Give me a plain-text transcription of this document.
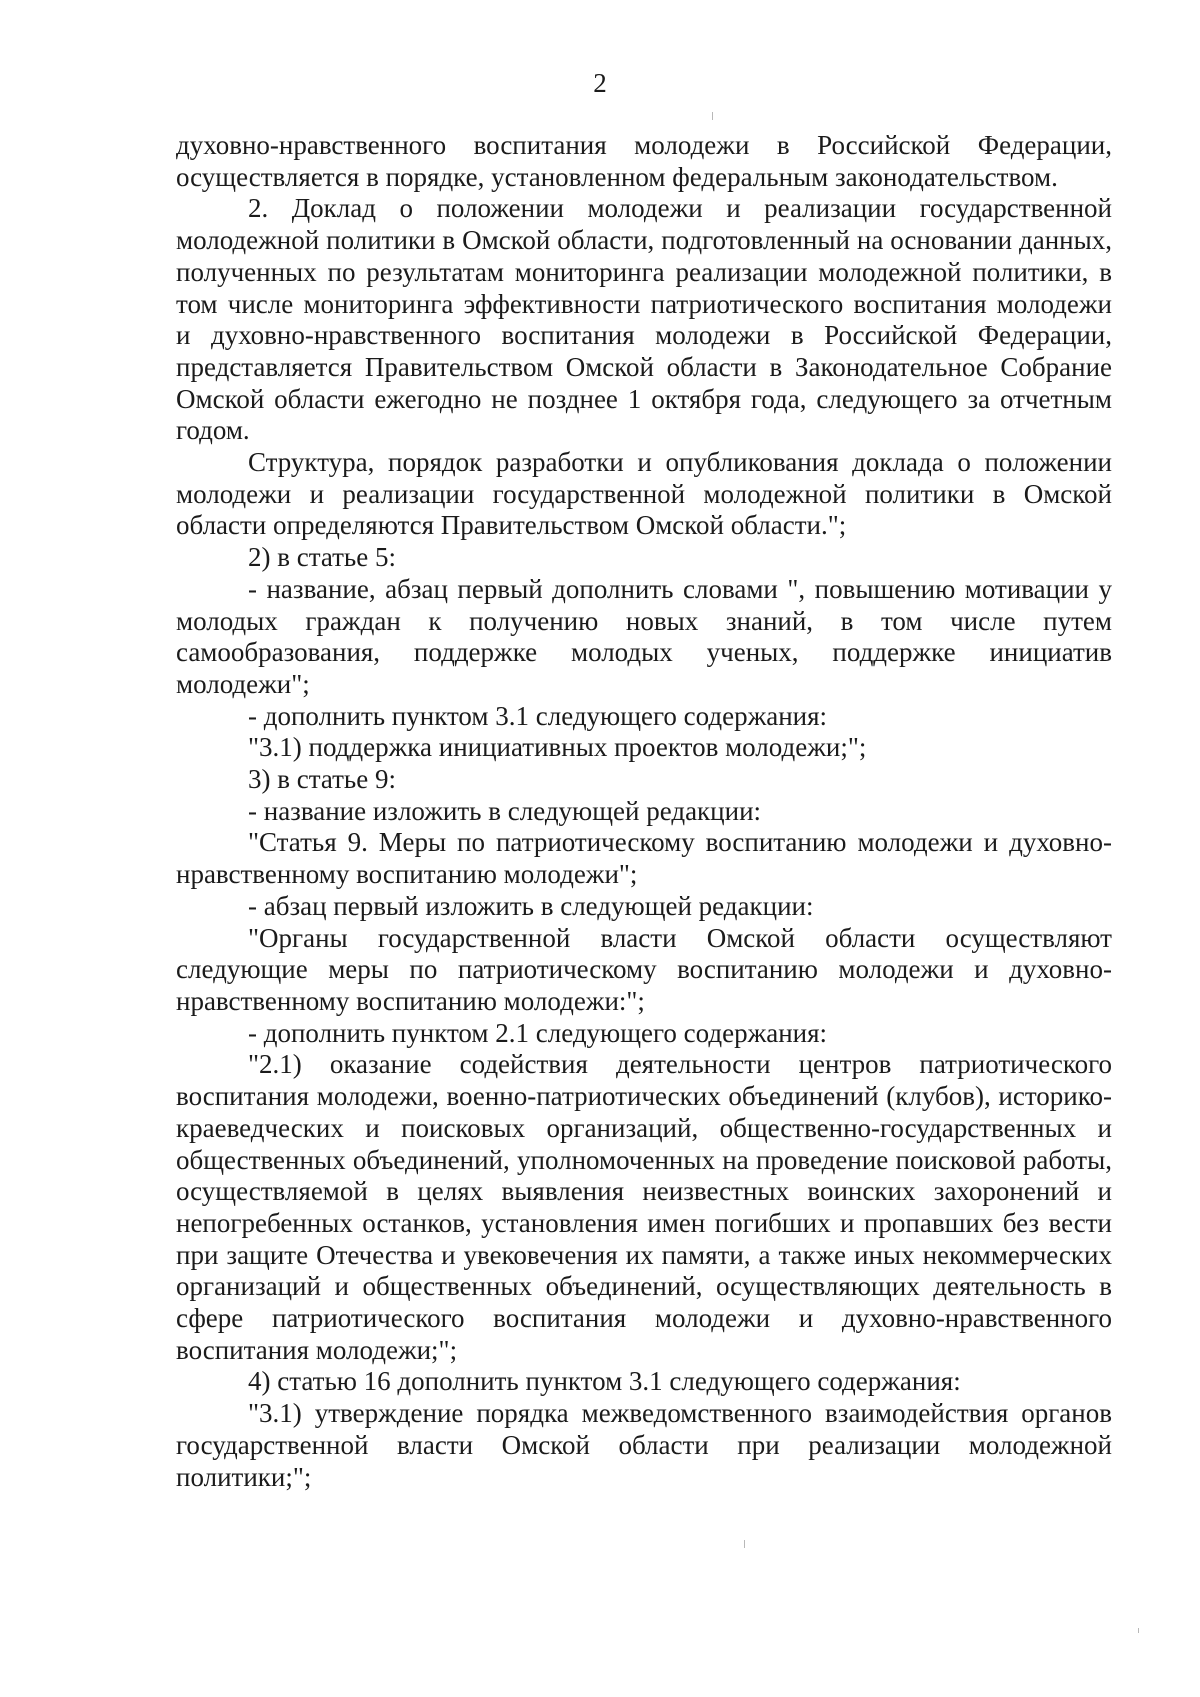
2

духовно-нравственного воспитания молодежи в Российской Федерации, осуществляется в порядке, установленном федеральным законодательством.

2. Доклад о положении молодежи и реализации государственной молодежной политики в Омской области, подготовленный на основании данных, полученных по результатам мониторинга реализации молодежной политики, в том числе мониторинга эффективности патриотического воспитания молодежи и духовно-нравственного воспитания молодежи в Российской Федерации, представляется Правительством Омской области в Законодательное Собрание Омской области ежегодно не позднее 1 октября года, следующего за отчетным годом.

Структура, порядок разработки и опубликования доклада о положении молодежи и реализации государственной молодежной политики в Омской области определяются Правительством Омской области.";

2) в статье 5:

- название, абзац первый дополнить словами ", повышению мотивации у молодых граждан к получению новых знаний, в том числе путем самообразования, поддержке молодых ученых, поддержке инициатив молодежи";

- дополнить пунктом 3.1 следующего содержания:

"3.1) поддержка инициативных проектов молодежи;";

3) в статье 9:

- название изложить в следующей редакции:

"Статья 9. Меры по патриотическому воспитанию молодежи и духовно-нравственному воспитанию молодежи";

- абзац первый изложить в следующей редакции:

"Органы государственной власти Омской области осуществляют следующие меры по патриотическому воспитанию молодежи и духовно-нравственному воспитанию молодежи:";

- дополнить пунктом 2.1 следующего содержания:

"2.1) оказание содействия деятельности центров патриотического воспитания молодежи, военно-патриотических объединений (клубов), историко-краеведческих и поисковых организаций, общественно-государственных и общественных объединений, уполномоченных на проведение поисковой работы, осуществляемой в целях выявления неизвестных воинских захоронений и непогребенных останков, установления имен погибших и пропавших без вести при защите Отечества и увековечения их памяти, а также иных некоммерческих организаций и общественных объединений, осуществляющих деятельность в сфере патриотического воспитания молодежи и духовно-нравственного воспитания молодежи;";

4) статью 16 дополнить пунктом 3.1 следующего содержания:

"3.1) утверждение порядка межведомственного взаимодействия органов государственной власти Омской области при реализации молодежной политики;";
